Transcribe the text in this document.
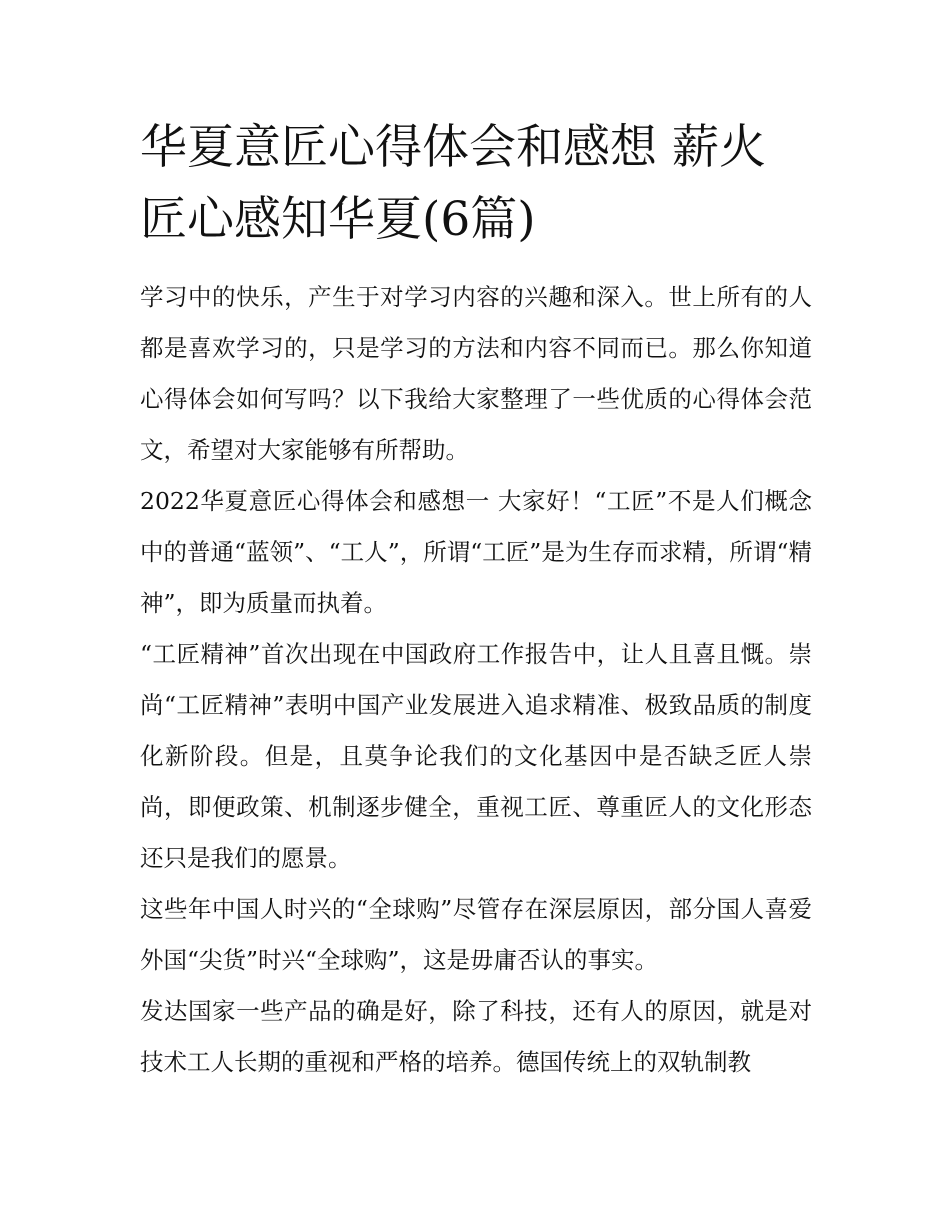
华夏意匠心得体会和感想 薪火匠心感知华夏(6篇)

学习中的快乐，产生于对学习内容的兴趣和深入。世上所有的人都是喜欢学习的，只是学习的方法和内容不同而已。那么你知道心得体会如何写吗？以下我给大家整理了一些优质的心得体会范文，希望对大家能够有所帮助。

2022华夏意匠心得体会和感想一 大家好！“工匠”不是人们概念中的普通“蓝领”、“工人”，所谓“工匠”是为生存而求精，所谓“精神”，即为质量而执着。

“工匠精神”首次出现在中国政府工作报告中，让人且喜且慨。崇尚“工匠精神”表明中国产业发展进入追求精准、极致品质的制度化新阶段。但是，且莫争论我们的文化基因中是否缺乏匠人崇尚，即便政策、机制逐步健全，重视工匠、尊重匠人的文化形态还只是我们的愿景。

这些年中国人时兴的“全球购”尽管存在深层原因，部分国人喜爱外国“尖货”时兴“全球购”，这是毋庸否认的事实。

发达国家一些产品的确是好，除了科技，还有人的原因，就是对技术工人长期的重视和严格的培养。德国传统上的双轨制教
